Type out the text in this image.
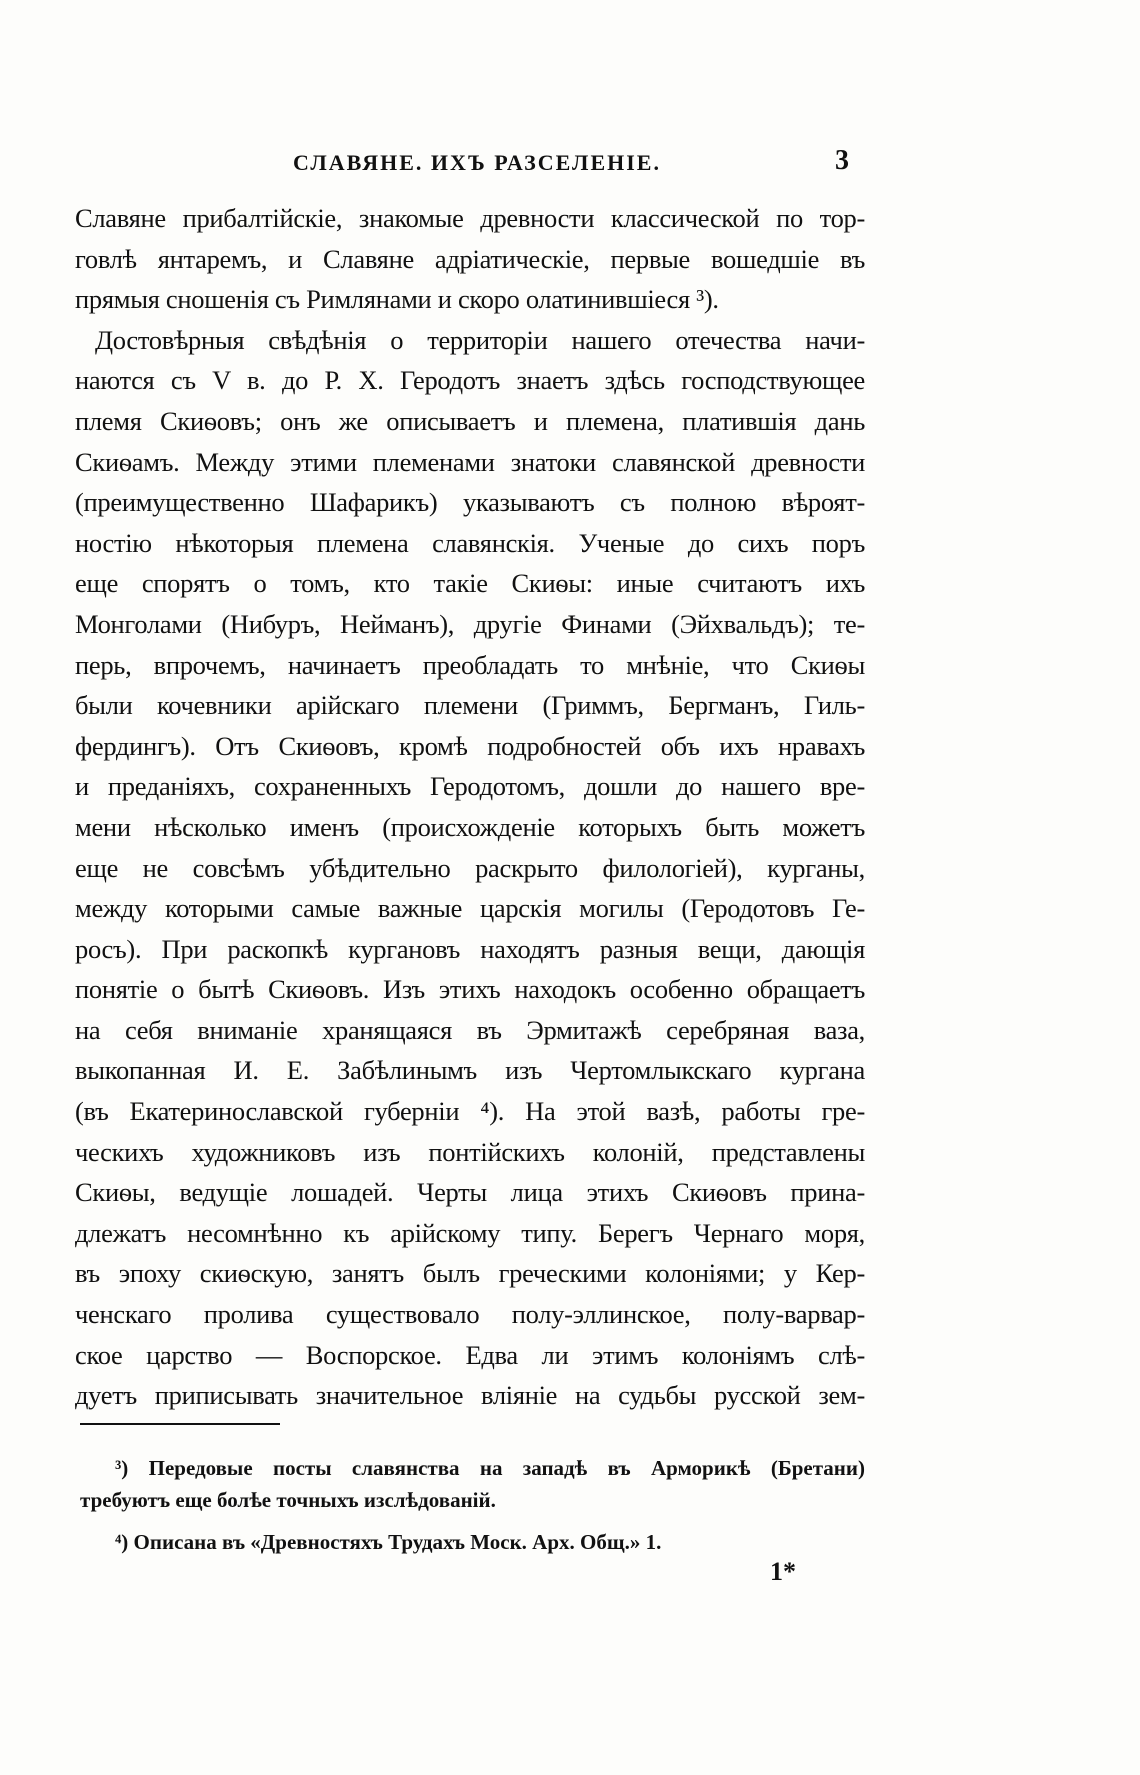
СЛАВЯНЕ. ИХЪ РАЗСЕЛЕНІЕ.	3
Славяне прибалтійскіе, знакомые древности классической по тор-
говлѣ янтаремъ, и Славяне адріатическіе, первые вошедшіе въ
прямыя сношенія съ Римлянами и скоро олатинившіеся ³).
Достовѣрныя свѣдѣнія о территоріи нашего отечества начи-
наются съ V в. до Р. Х. Геродотъ знаетъ здѣсь господствующее
племя Скиѳовъ; онъ же описываетъ и племена, платившія дань
Скиѳамъ. Между этими племенами знатоки славянской древности
(преимущественно Шафарикъ) указываютъ съ полною вѣроят-
ностію нѣкоторыя племена славянскія. Ученые до сихъ поръ
еще спорятъ о томъ, кто такіе Скиѳы: иные считаютъ ихъ
Монголами (Нибуръ, Нейманъ), другіе Финами (Эйхвальдъ); те-
перь, впрочемъ, начинаетъ преобладать то мнѣніе, что Скиѳы
были кочевники арійскаго племени (Гриммъ, Бергманъ, Гиль-
фердингъ). Отъ Скиѳовъ, кромѣ подробностей объ ихъ нравахъ
и преданіяхъ, сохраненныхъ Геродотомъ, дошли до нашего вре-
мени нѣсколько именъ (происхожденіе которыхъ быть можетъ
еще не совсѣмъ убѣдительно раскрыто филологіей), курганы,
между которыми самые важные царскія могилы (Геродотовъ Ге-
росъ). При раскопкѣ кургановъ находятъ разныя вещи, дающія
понятіе о бытѣ Скиѳовъ. Изъ этихъ находокъ особенно обращаетъ
на себя вниманіе хранящаяся въ Эрмитажѣ серебряная ваза,
выкопанная И. Е. Забѣлинымъ изъ Чертомлыкскаго кургана
(въ Екатеринославской губерніи ⁴). На этой вазѣ, работы гре-
ческихъ художниковъ изъ понтійскихъ колоній, представлены
Скиѳы, ведущіе лошадей. Черты лица этихъ Скиѳовъ прина-
длежатъ несомнѣнно къ арійскому типу. Берегъ Чернаго моря,
въ эпоху скиѳскую, занятъ былъ греческими колоніями; у Кер-
ченскаго пролива существовало полу-эллинское, полу-варвар-
ское царство — Воспорское. Едва ли этимъ колоніямъ слѣ-
дуетъ приписывать значительное вліяніе на судьбы русской зем-
³) Передовые посты славянства на западѣ въ Арморикѣ (Бретани)
требуютъ еще болѣе точныхъ изслѣдованій.
⁴) Описана въ «Древностяхъ Трудахъ Моск. Арх. Общ.» 1.
1*
